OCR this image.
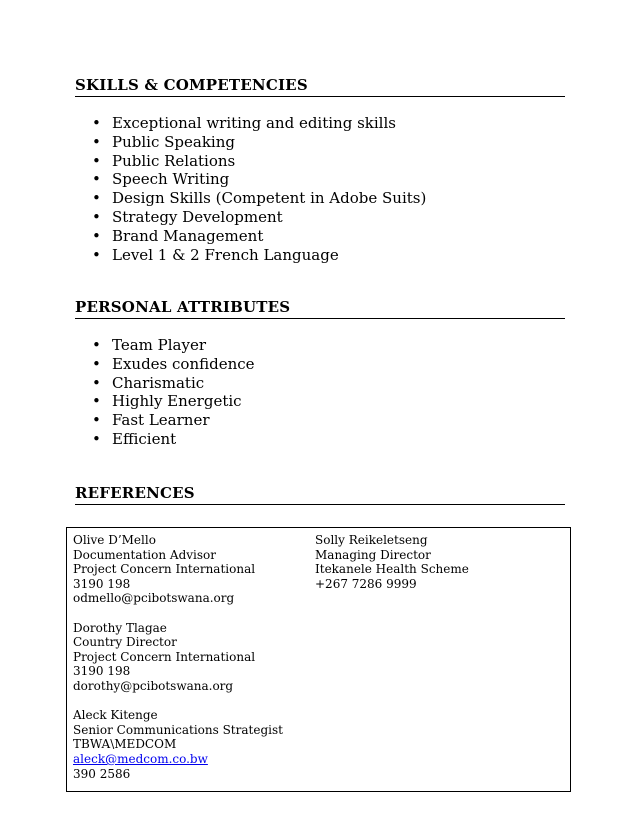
SKILLS & COMPETENCIES
• Exceptional writing and editing skills
• Public Speaking
• Public Relations
• Speech Writing
• Design Skills (Competent in Adobe Suits)
• Strategy Development
• Brand Management
• Level 1 & 2 French Language
PERSONAL ATTRIBUTES
• Team Player
• Exudes confidence
• Charismatic
• Highly Energetic
• Fast Learner
• Efficient
REFERENCES
Olive D’Mello
Documentation Advisor
Project Concern International
3190 198
odmello@pcibotswana.org
Dorothy Tlagae
Country Director
Project Concern International
3190 198
dorothy@pcibotswana.org
Aleck Kitenge
Senior Communications Strategist
TBWA\MEDCOM
aleck@medcom.co.bw
390 2586
Solly Reikeletseng
Managing Director
Itekanele Health Scheme
+267 7286 9999
